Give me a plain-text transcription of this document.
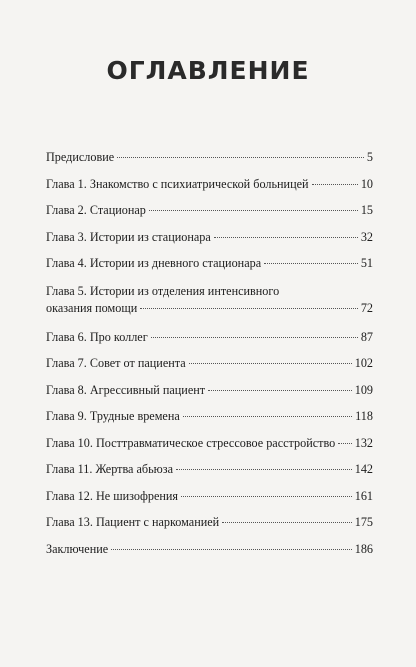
ОГЛАВЛЕНИЕ
Предисловие	5
Глава 1. Знакомство с психиатрической больницей	10
Глава 2. Стационар	15
Глава 3. Истории из стационара	32
Глава 4. Истории из дневного стационара	51
Глава 5. Истории из отделения интенсивного
оказания помощи	72
Глава 6. Про коллег	87
Глава 7. Совет от пациента	102
Глава 8. Агрессивный пациент	109
Глава 9. Трудные времена	118
Глава 10. Посттравматическое стрессовое расстройство 132
Глава 11. Жертва абьюза	142
Глава 12. Не шизофрения	161
Глава 13. Пациент с наркоманией	175
Заключение	186
